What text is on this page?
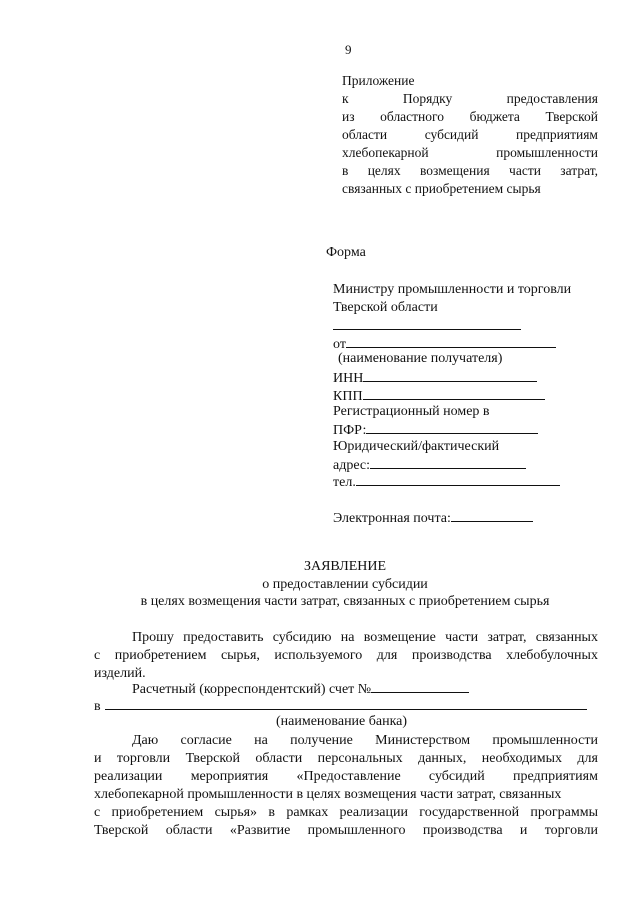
9
Приложение
к	Порядку	предоставления
из областного бюджета Тверской
области	субсидий	предприятиям
хлебопекарной	промышленности
в целях возмещения части затрат,
связанных с приобретением сырья
Форма
Министру промышленности и торговли
Тверской области
от
(наименование получателя)
ИНН
КПП
Регистрационный номер в
ПФР:
Юридический/фактический
адрес:
тел.
Электронная почта:
ЗАЯВЛЕНИЕ
о предоставлении субсидии
в целях возмещения части затрат, связанных с приобретением сырья
Прошу предоставить субсидию на возмещение части затрат, связанных
с приобретением сырья, используемого для производства хлебобулочных
изделий.
Расчетный (корреспондентский) счет №
в
(наименование банка)
Даю согласие на получение Министерством промышленности
и торговли Тверской области персональных данных, необходимых для
реализации мероприятия «Предоставление субсидий предприятиям
хлебопекарной промышленности в целях возмещения части затрат, связанных
с приобретением сырья» в рамках реализации государственной программы
Тверской области «Развитие промышленного производства и торговли
